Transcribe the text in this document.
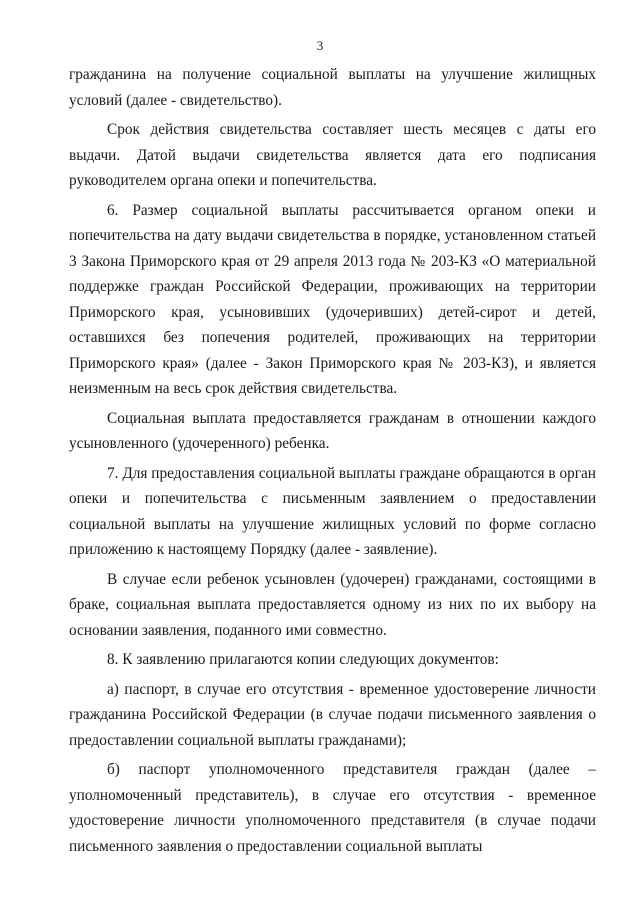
3

гражданина на получение социальной выплаты на улучшение жилищных условий (далее - свидетельство).

Срок действия свидетельства составляет шесть месяцев с даты его выдачи. Датой выдачи свидетельства является дата его подписания руководителем органа опеки и попечительства.

6. Размер социальной выплаты рассчитывается органом опеки и попечительства на дату выдачи свидетельства в порядке, установленном статьей 3 Закона Приморского края от 29 апреля 2013 года № 203-КЗ «О материальной поддержке граждан Российской Федерации, проживающих на территории Приморского края, усыновивших (удочеривших) детей-сирот и детей, оставшихся без попечения родителей, проживающих на территории Приморского края» (далее - Закон Приморского края № 203-КЗ), и является неизменным на весь срок действия свидетельства.

Социальная выплата предоставляется гражданам в отношении каждого усыновленного (удочеренного) ребенка.

7. Для предоставления социальной выплаты граждане обращаются в орган опеки и попечительства с письменным заявлением о предоставлении социальной выплаты на улучшение жилищных условий по форме согласно приложению к настоящему Порядку (далее - заявление).

В случае если ребенок усыновлен (удочерен) гражданами, состоящими в браке, социальная выплата предоставляется одному из них по их выбору на основании заявления, поданного ими совместно.

8. К заявлению прилагаются копии следующих документов:

а) паспорт, в случае его отсутствия - временное удостоверение личности гражданина Российской Федерации (в случае подачи письменного заявления о предоставлении социальной выплаты гражданами);

б) паспорт уполномоченного представителя граждан (далее – уполномоченный представитель), в случае его отсутствия - временное удостоверение личности уполномоченного представителя (в случае подачи письменного заявления о предоставлении социальной выплаты
